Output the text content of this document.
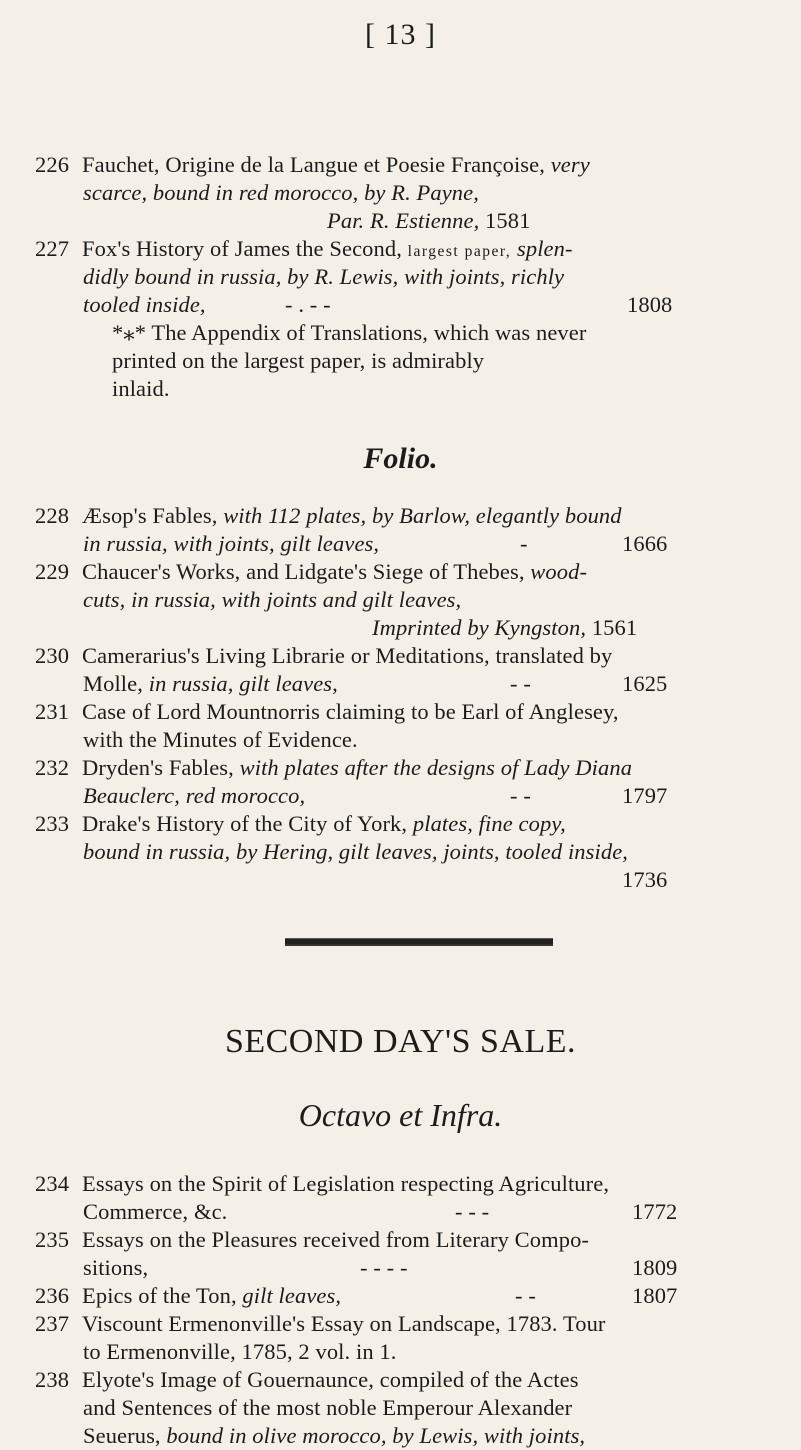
[ 13 ]
226 Fauchet, Origine de la Langue et Poesie Françoise, very
scarce, bound in red morocco, by R. Payne,
Par. R. Estienne, 1581
227 Fox's History of James the Second, largest paper, splen-
didly bound in russia, by R. Lewis, with joints, richly
tooled inside,	- . - -	1808
*⁎* The Appendix of Translations, which was never
printed on the largest paper, is admirably
inlaid.
Folio.
228 Æsop's Fables, with 112 plates, by Barlow, elegantly bound
in russia, with joints, gilt leaves,	-	1666
229 Chaucer's Works, and Lidgate's Siege of Thebes, wood-
cuts, in russia, with joints and gilt leaves,
Imprinted by Kyngston, 1561
230 Camerarius's Living Librarie or Meditations, translated by
Molle, in russia, gilt leaves,	- -	1625
231 Case of Lord Mountnorris claiming to be Earl of Anglesey,
with the Minutes of Evidence.
232 Dryden's Fables, with plates after the designs of Lady Diana
Beauclerc, red morocco,	- -	1797
233 Drake's History of the City of York, plates, fine copy,
bound in russia, by Hering, gilt leaves, joints, tooled inside,
1736
SECOND DAY'S SALE.
Octavo et Infra.
234 Essays on the Spirit of Legislation respecting Agriculture,
Commerce, &c.	- - -	1772
235 Essays on the Pleasures received from Literary Compo-
sitions,	- - - -	1809
236 Epics of the Ton, gilt leaves,	- -	1807
237 Viscount Ermenonville's Essay on Landscape, 1783. Tour
to Ermenonville, 1785, 2 vol. in 1.
238 Elyote's Image of Gouernaunce, compiled of the Actes
and Sentences of the most noble Emperour Alexander
Seuerus, bound in olive morocco, by Lewis, with joints,
